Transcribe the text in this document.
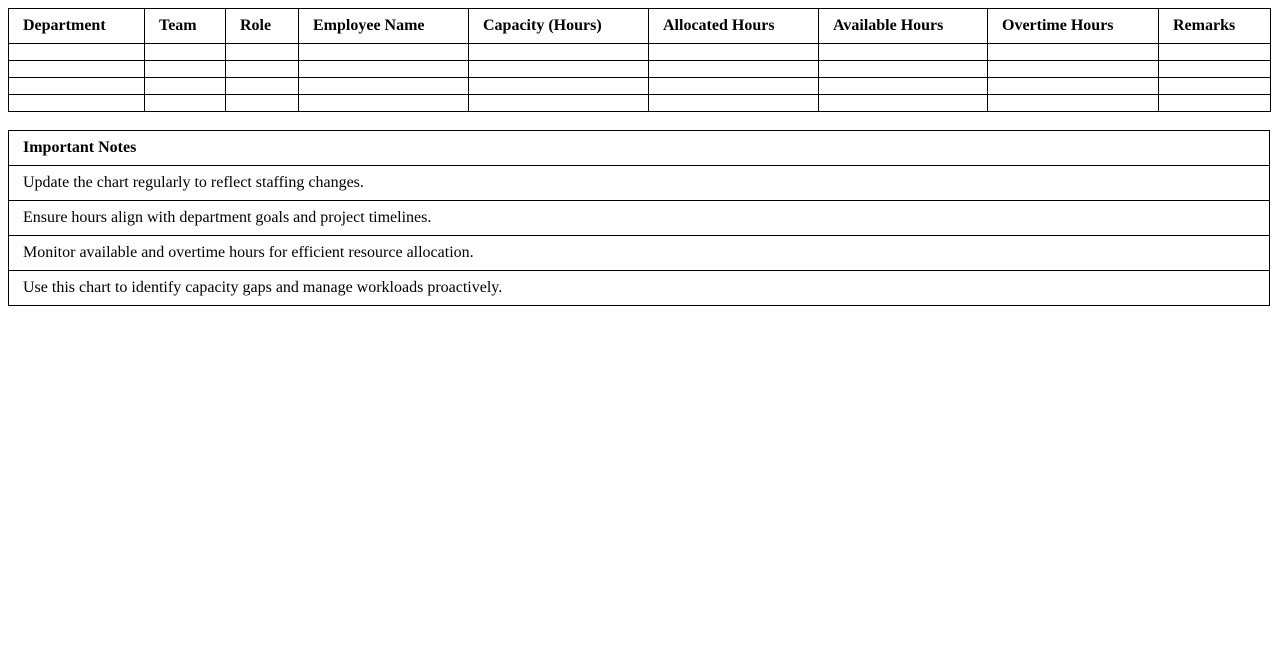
Department	Team	Role	Employee Name	Capacity (Hours)	Allocated Hours	Available Hours	Overtime Hours	Remarks

Important Notes
Update the chart regularly to reflect staffing changes.
Ensure hours align with department goals and project timelines.
Monitor available and overtime hours for efficient resource allocation.
Use this chart to identify capacity gaps and manage workloads proactively.
